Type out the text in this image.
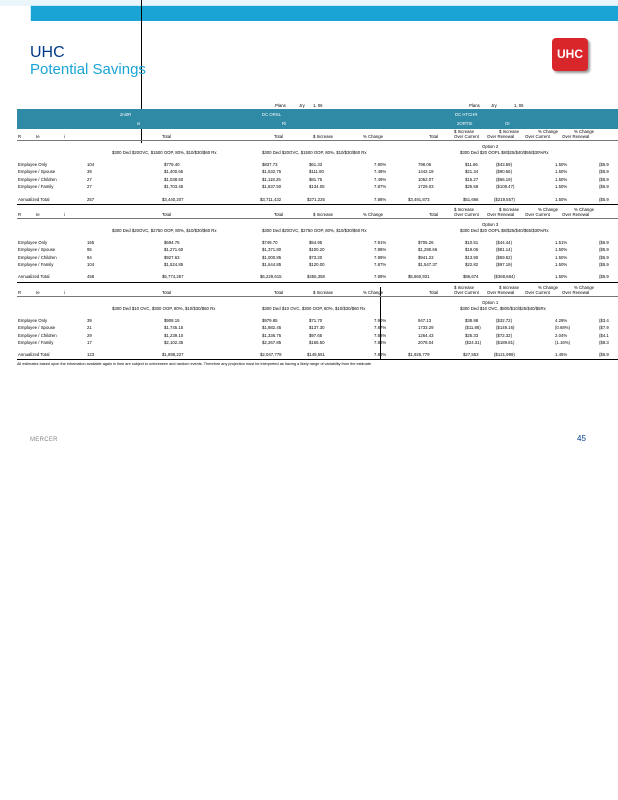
UHC
Potential Savings
UHC
Plans	Jry 1, 06	Plans	Jry	1, 06
2ni0R	DC ORSL	DC HTCHR
ni	Ri	2ORTSI	OI
$ Increase	$ Increase	% Change	% Change
R	Ie	i	Total	Total	$ Increase	% Change	Total	Over Current Over Renewal	Over Current	Over Renewal
Option 2
$300 Ded $20OVC, $1500 OOP, 80%, $10/$30/$60 Rx	$300 Ded $20OVC, $1500 OOP, 80%, $10/$30/$60 Rx	$300 Ded $20 OOPL $8/$25/$40/$55/$30%Rx
Employee Only	104	$779.40	$837.73	$61.33	7.90%	798.06	$11.66	($43.69)	1.50%	($5.9
Employee / Spouse	39	$1,400.65	$1,532.75	$111.80	7.48%	1442.19	$21.34	($90.56)	1.50%	($5.9
Employee / Children	27	$1,038.50	$1,118.25	$81.75	7.49%	1052.07	$15.27	($66.19)	1.50%	($5.9
Employee / Family	27	$1,703.45	$1,837.50	$134.05	7.87%	1729.03	$25.58	($108.47)	1.50%	($5.9
Annualized Total	257	$3,440,207	$3,711,432	$271,225	7.88%	$3,491,873	$51,666	($219,557)	1.50%	($5.9
$ Increase	$ Increase	% Change	% Change
R	Ie	i	Total	Total	$ Increase	% Change	Total	Over Current Over Renewal	Over Current	Over Renewal
Option 3
$300 Ded $20OVC, $2750 OOP, 80%, $10/$30/$60 Rx	$300 Ded $20OVC, $2750 OOP, 80%, $10/$30/$60 Rx	$300 Ded $20 OOPL $8/$25/$40/$55/$30%Rx
Employee Only	165	$694.75	$749.70	$54.95	7.91%	$705.26	$10.51	($44.44)	1.51%	($5.9
Employee / Spouse	95	$1,271.60	$1,371.80	$100.20	7.88%	$1,290.66	$19.06	($81.14)	1.50%	($5.9
Employee / Children	94	$927.63	$1,000.85	$73.20	7.89%	$941.23	$13.90	($59.52)	1.50%	($5.9
Employee / Family	104	$1,524.85	$1,644.85	$120.00	7.87%	$1,547.37	$22.82	($97.19)	1.50%	($5.9
Annualized Total	458	$5,774,257	$6,229,615	$455,358	7.89%	$5,860,931	$86,674	($368,684)	1.50%	($5.9
$ Increase	$ Increase	% Change	% Change
R	Ie	i	Total	Total	$ Increase	% Change	Total	Over Current Over Renewal	Over Current	Over Renewal
Option 1
$300 Ded $10 OVC, $300 OOP, 80%, $10/$30/$60 Rx	$300 Ded $10 OVC, $300 OOP, 80%, $10/$30/$60 Rx	$300 Ded $10 OVC, $800/$10/$25/$40/$5Rx
Employee Only	39	$908.15	$979.85	$71.70	7.90%	947.13	$38.98	($32.72)	4.29%	($3.4
Employee / Spouse	21	$1,745.15	$1,882.45	$137.30	7.87%	1733.29	($11.86)	($149.16)	(0.68%)	($7.9
Employee / Children	29	$1,239.10	$1,336.75	$97.65	7.88%	1264.43	$25.33	($72.32)	2.04%	($4.1
Employee / Family	17	$2,102.35	$2,267.85	$165.50	7.88%	2078.04	($24.31)	($189.81)	(1.16%)	($8.3
Annualized Total	123	$1,898,227	$2,047,778	$149,551	7.88%	$1,925,779	$27,553	($121,999)	1.45%	($5.9
All estimates based upon the information available again in time are subject to unforeseen and random events. Therefore any projection must be interpreted as having a likely range of variability from the estimate.
MERCER	45
